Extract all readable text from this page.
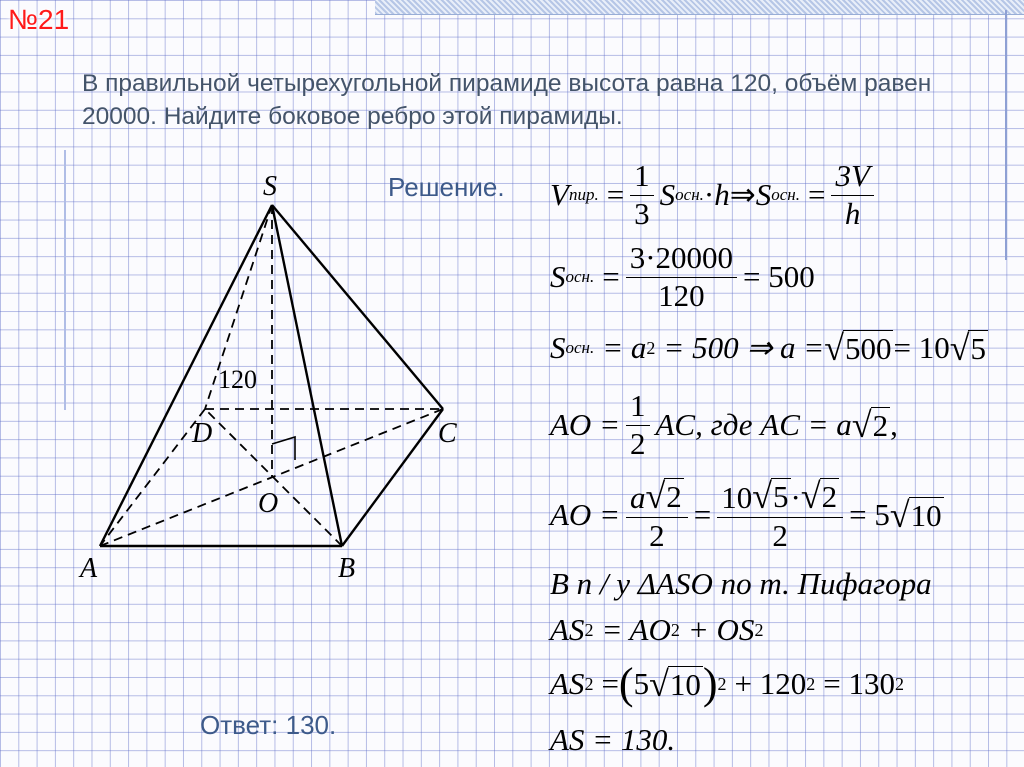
№21
В правильной четырехугольной пирамиде высота равна 120, объём равен 20000. Найдите боковое ребро этой пирамиды.
Решение.
Ответ: 130.
S
A	B
C
D
O
120
V пир. = $\frac{1}{3}$ S осн. · h ⇒ S осн. = $\frac{3V}{h}$
S осн. = $\frac{3\cdot 20000}{120} = 500$
S осн. = a 2 = 500 ⇒ a = √ 500 = 10 √ 5
AO = $\frac{1}{2}$ AC, где AC = a √ 2 ,
AO = $\frac{a √ 2}{2} = \frac{10 √ 5 \cdot √ 2}{2} = 5$ √ 10
В п / у ΔASO по т. Пифагора
AS 2 = AO 2 + OS 2
AS 2 = ( 5 √ 10 ) 2 + 120 2 = 130 2
AS = 130.
